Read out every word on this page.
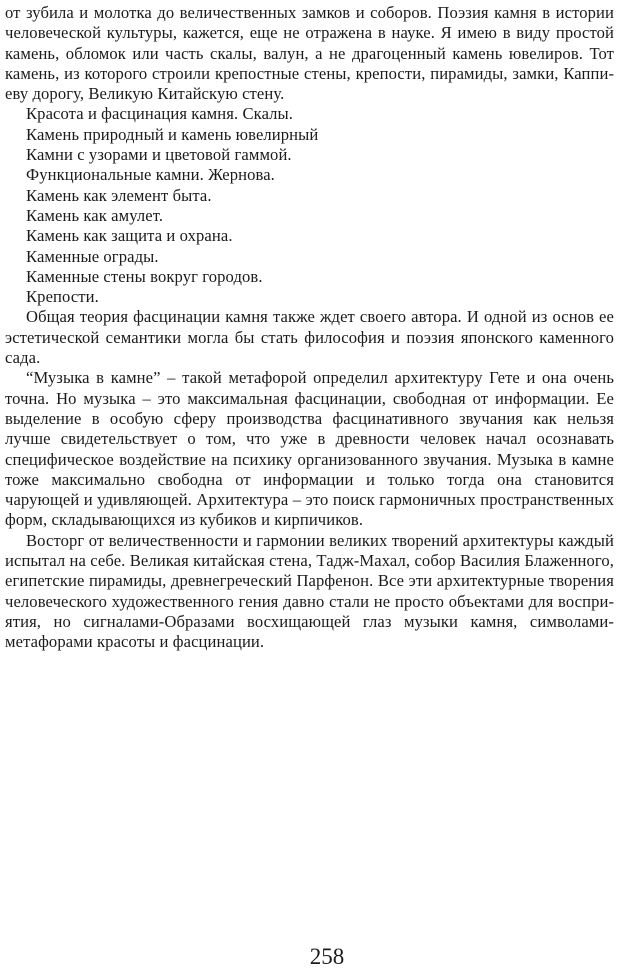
от зубила и молотка до величественных замков и соборов. Поэзия камня в истории человеческой культуры, кажется, еще не отражена в науке. Я имею в виду простой камень, обломок или часть скалы, валун, а не драгоценный камень ювелиров. Тот камень, из которого строили крепостные стены, крепости, пирамиды, замки, Каппиеву дорогу, Великую Китайскую стену.

Красота и фасцинация камня. Скалы.

Камень природный и камень ювелирный

Камни с узорами и цветовой гаммой.

Функциональные камни. Жернова.

Камень как элемент быта.

Камень как амулет.

Камень как защита и охрана.

Каменные ограды.

Каменные стены вокруг городов.

Крепости.

Общая теория фасцинации камня также ждет своего автора. И одной из основ ее эстетической семантики могла бы стать философия и поэзия японского каменного сада.

“Музыка в камне” – такой метафорой определил архитектуру Гете и она очень точна. Но музыка – это максимальная фасцинации, свободная от информации. Ее выделение в особую сферу производства фасцинативного звучания как нельзя лучше свидетельствует о том, что уже в древности человек начал осознавать специфическое воздействие на психику организованного звучания. Музыка в камне тоже максимально свободна от информации и только тогда она становится чарующей и удивляющей. Архитектура – это поиск гармоничных пространственных форм, складывающихся из кубиков и кирпичиков.

Восторг от величественности и гармонии великих творений архитектуры каждый испытал на себе. Великая китайская стена, Тадж-Махал, собор Василия Блаженного, египетские пирамиды, древнегреческий Парфенон. Все эти архитектурные творения человеческого художественного гения давно стали не просто объектами для восприятия, но сигналами-Образами восхищающей глаз музыки камня, символами-метафорами красоты и фасцинации.

258
